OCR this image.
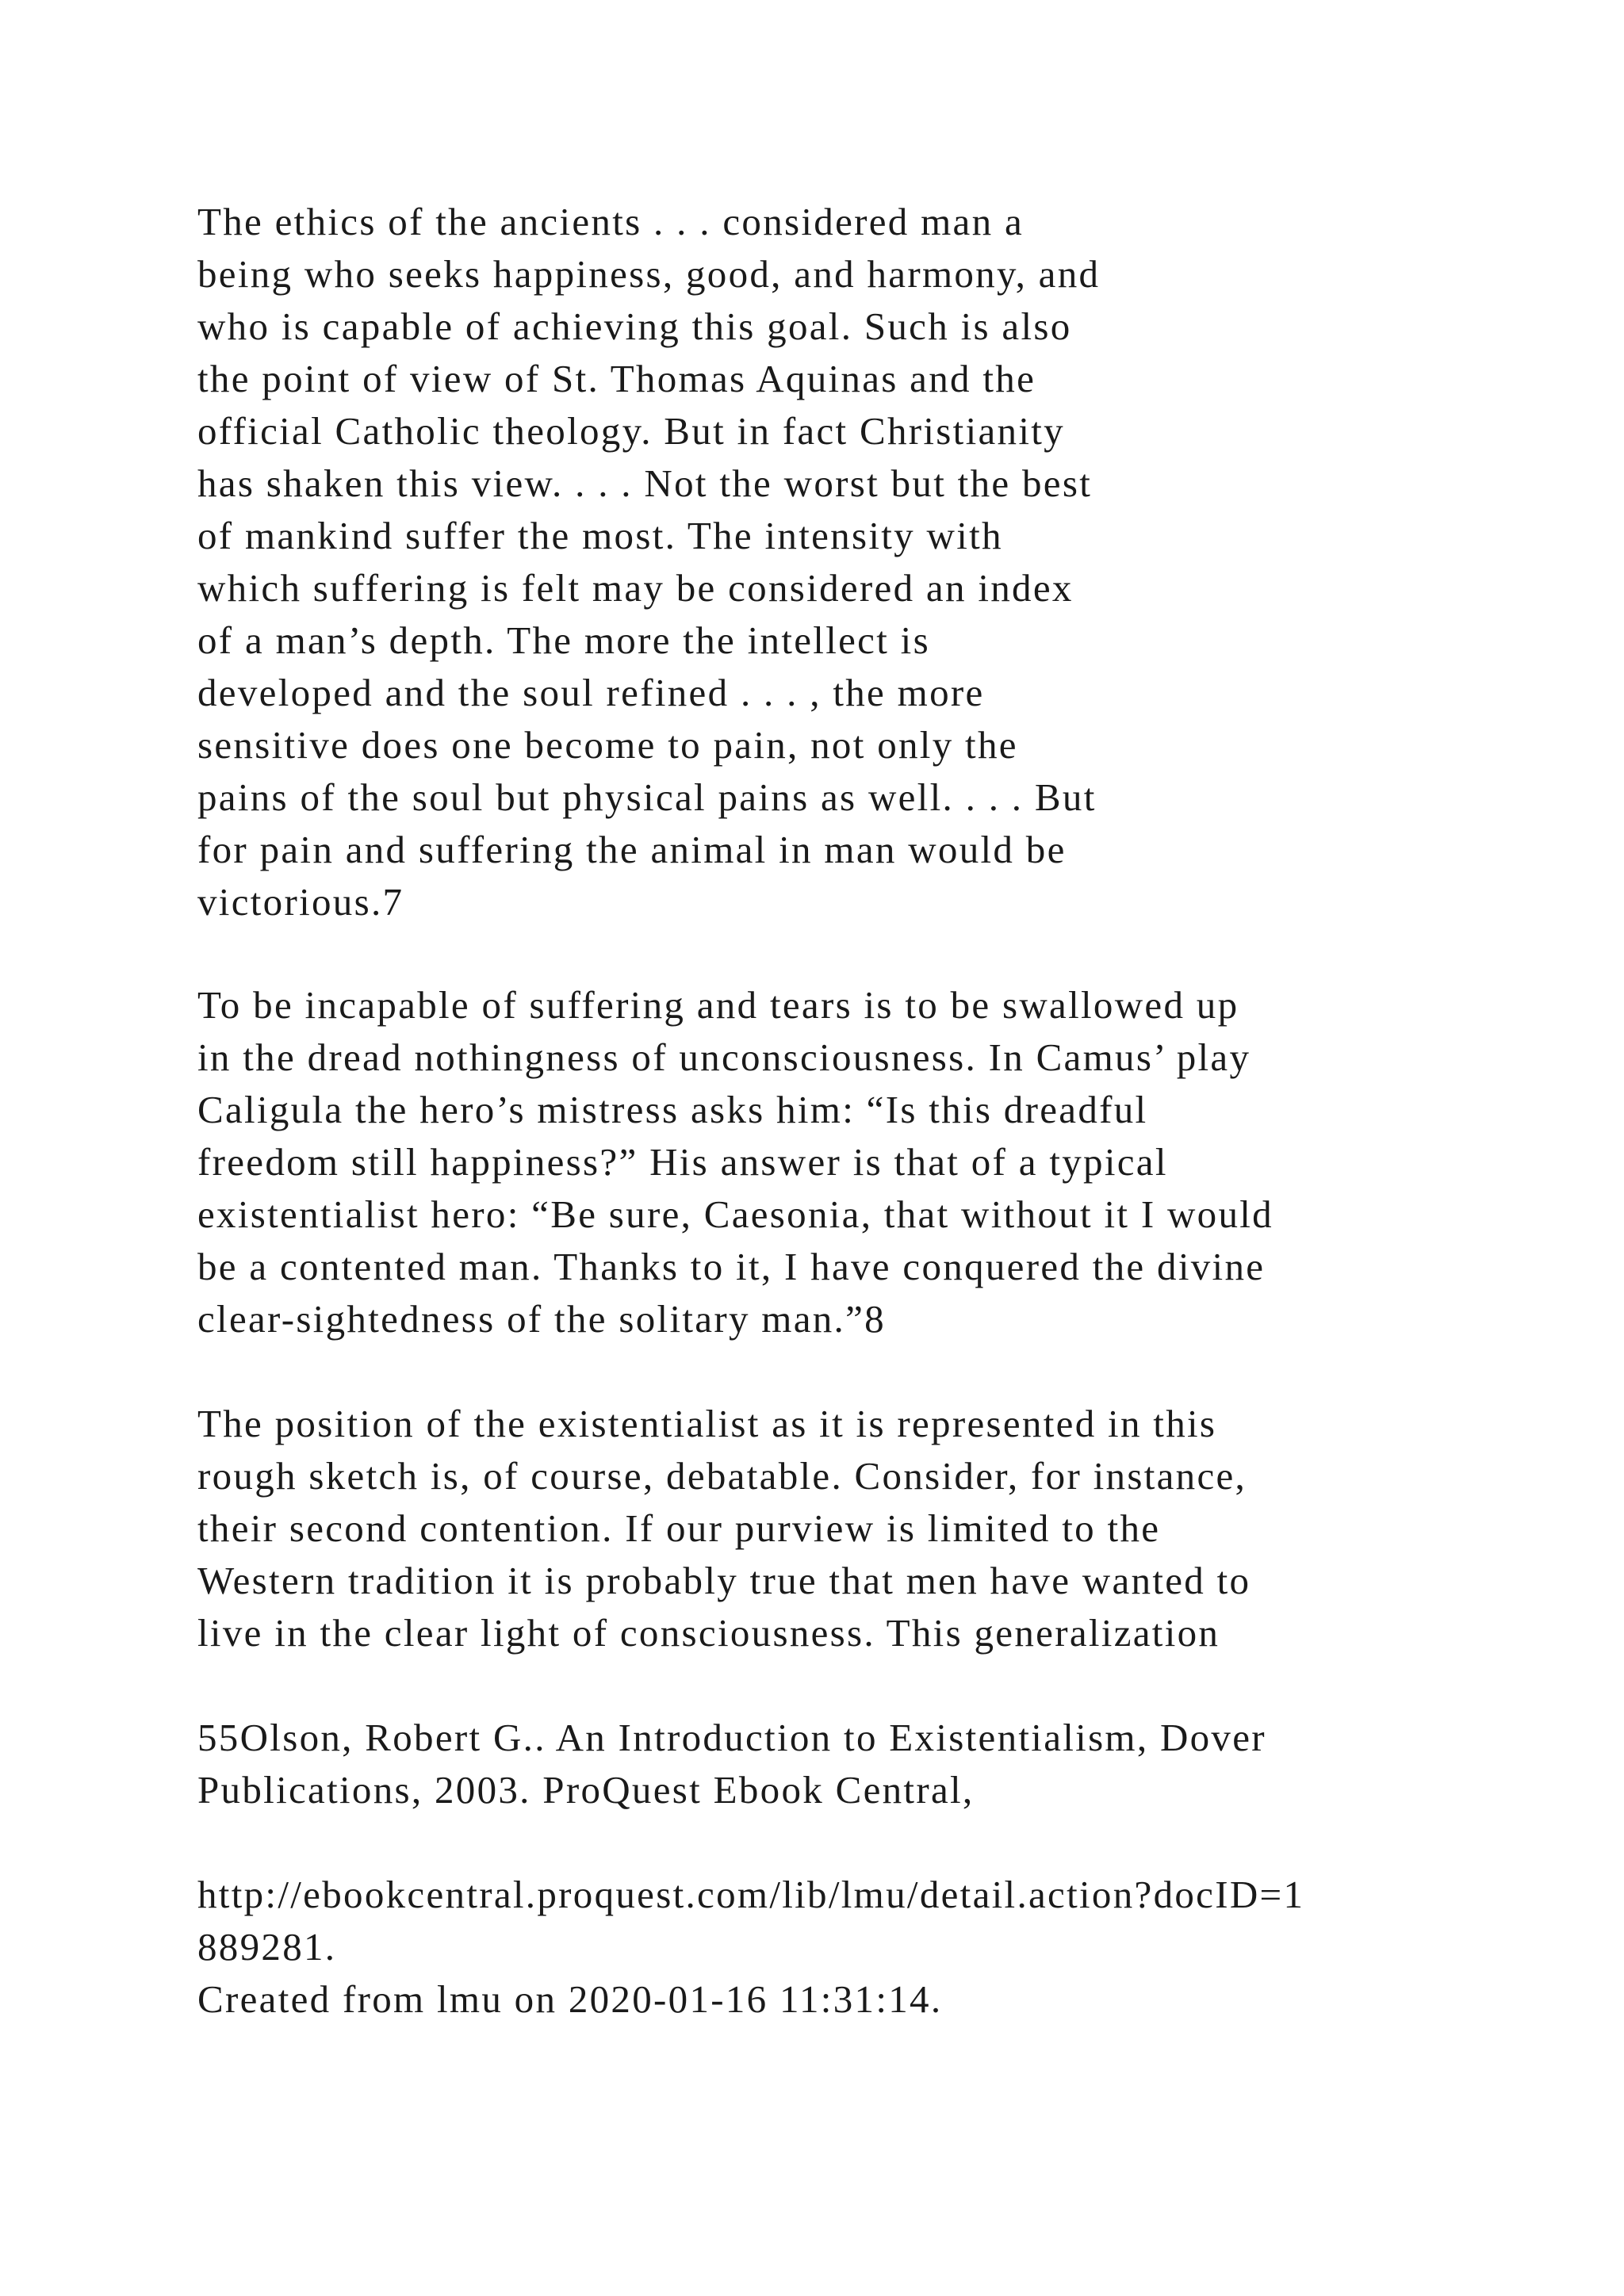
The ethics of the ancients . . . considered man a
being who seeks happiness, good, and harmony, and
who is capable of achieving this goal. Such is also
the point of view of St. Thomas Aquinas and the
official Catholic theology. But in fact Christianity
has shaken this view. . . . Not the worst but the best
of mankind suffer the most. The intensity with
which suffering is felt may be considered an index
of a man’s depth. The more the intellect is
developed and the soul refined . . . , the more
sensitive does one become to pain, not only the
pains of the soul but physical pains as well. . . . But
for pain and suffering the animal in man would be
victorious.7
To be incapable of suffering and tears is to be swallowed up
in the dread nothingness of unconsciousness. In Camus’ play
Caligula the hero’s mistress asks him: “Is this dreadful
freedom still happiness?” His answer is that of a typical
existentialist hero: “Be sure, Caesonia, that without it I would
be a contented man. Thanks to it, I have conquered the divine
clear-sightedness of the solitary man.”8
The position of the existentialist as it is represented in this
rough sketch is, of course, debatable. Consider, for instance,
their second contention. If our purview is limited to the
Western tradition it is probably true that men have wanted to
live in the clear light of consciousness. This generalization
55Olson, Robert G.. An Introduction to Existentialism, Dover
Publications, 2003. ProQuest Ebook Central,
http://ebookcentral.proquest.com/lib/lmu/detail.action?docID=1
889281.
Created from lmu on 2020-01-16 11:31:14.
